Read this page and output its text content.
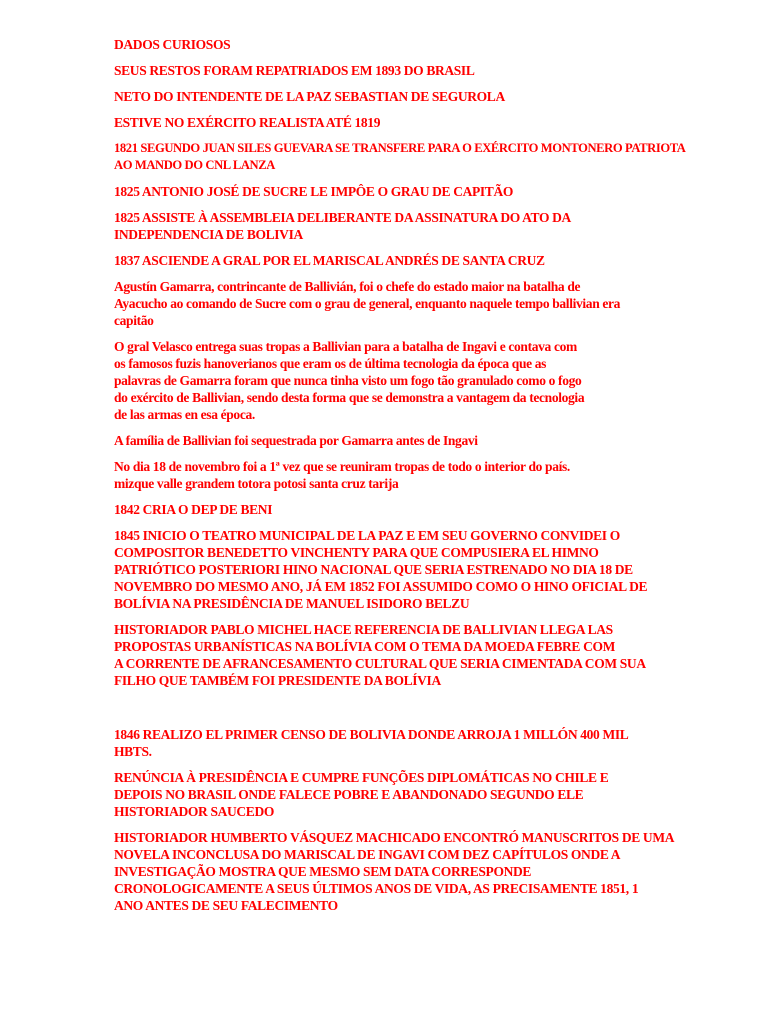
DADOS CURIOSOS
SEUS RESTOS FORAM REPATRIADOS EM 1893 DO BRASIL
NETO DO INTENDENTE DE LA PAZ SEBASTIAN DE SEGUROLA
ESTIVE NO EXÉRCITO REALISTA ATÉ 1819
1821 SEGUNDO JUAN SILES GUEVARA SE TRANSFERE PARA O EXÉRCITO MONTONERO PATRIOTA
AO MANDO DO CNL LANZA
1825 ANTONIO JOSÉ DE SUCRE LE IMPÔE O GRAU DE CAPITÃO
1825 ASSISTE À ASSEMBLEIA DELIBERANTE DA ASSINATURA DO ATO DA
INDEPENDENCIA DE BOLIVIA
1837 ASCIENDE A GRAL POR EL MARISCAL ANDRÉS DE SANTA CRUZ
Agustín Gamarra, contrincante de Ballivián, foi o chefe do estado maior na batalha de
Ayacucho ao comando de Sucre com o grau de general, enquanto naquele tempo ballivian era
capitão
O gral Velasco entrega suas tropas a Ballivian para a batalha de Ingavi e contava com
os famosos fuzis hanoverianos que eram os de última tecnologia da época que as
palavras de Gamarra foram que nunca tinha visto um fogo tão granulado como o fogo
do exército de Ballivian, sendo desta forma que se demonstra a vantagem da tecnologia
de las armas en esa época.
A família de Ballivian foi sequestrada por Gamarra antes de Ingavi
No dia 18 de novembro foi a 1ª vez que se reuniram tropas de todo o interior do país.
mizque valle grandem totora potosi santa cruz tarija
1842 CRIA O DEP DE BENI
1845 INICIO O TEATRO MUNICIPAL DE LA PAZ E EM SEU GOVERNO CONVIDEI O
COMPOSITOR BENEDETTO VINCHENTY PARA QUE COMPUSIERA EL HIMNO
PATRIÓTICO POSTERIORI HINO NACIONAL QUE SERIA ESTRENADO NO DIA 18 DE
NOVEMBRO DO MESMO ANO, JÁ EM 1852 FOI ASSUMIDO COMO O HINO OFICIAL DE
BOLÍVIA NA PRESIDÊNCIA DE MANUEL ISIDORO BELZU
HISTORIADOR PABLO MICHEL HACE REFERENCIA DE BALLIVIAN LLEGA LAS
PROPOSTAS URBANÍSTICAS NA BOLÍVIA COM O TEMA DA MOEDA FEBRE COM
A CORRENTE DE AFRANCESAMENTO CULTURAL QUE SERIA CIMENTADA COM SUA
FILHO QUE TAMBÉM FOI PRESIDENTE DA BOLÍVIA
1846 REALIZO EL PRIMER CENSO DE BOLIVIA DONDE ARROJA 1 MILLÓN 400 MIL
HBTS.
RENÚNCIA À PRESIDÊNCIA E CUMPRE FUNÇÕES DIPLOMÁTICAS NO CHILE E
DEPOIS NO BRASIL ONDE FALECE POBRE E ABANDONADO SEGUNDO ELE
HISTORIADOR SAUCEDO
HISTORIADOR HUMBERTO VÁSQUEZ MACHICADO ENCONTRÓ MANUSCRITOS DE UMA
NOVELA INCONCLUSA DO MARISCAL DE INGAVI COM DEZ CAPÍTULOS ONDE A
INVESTIGAÇÃO MOSTRA QUE MESMO SEM DATA CORRESPONDE
CRONOLOGICAMENTE A SEUS ÚLTIMOS ANOS DE VIDA, AS PRECISAMENTE 1851, 1
ANO ANTES DE SEU FALECIMENTO
